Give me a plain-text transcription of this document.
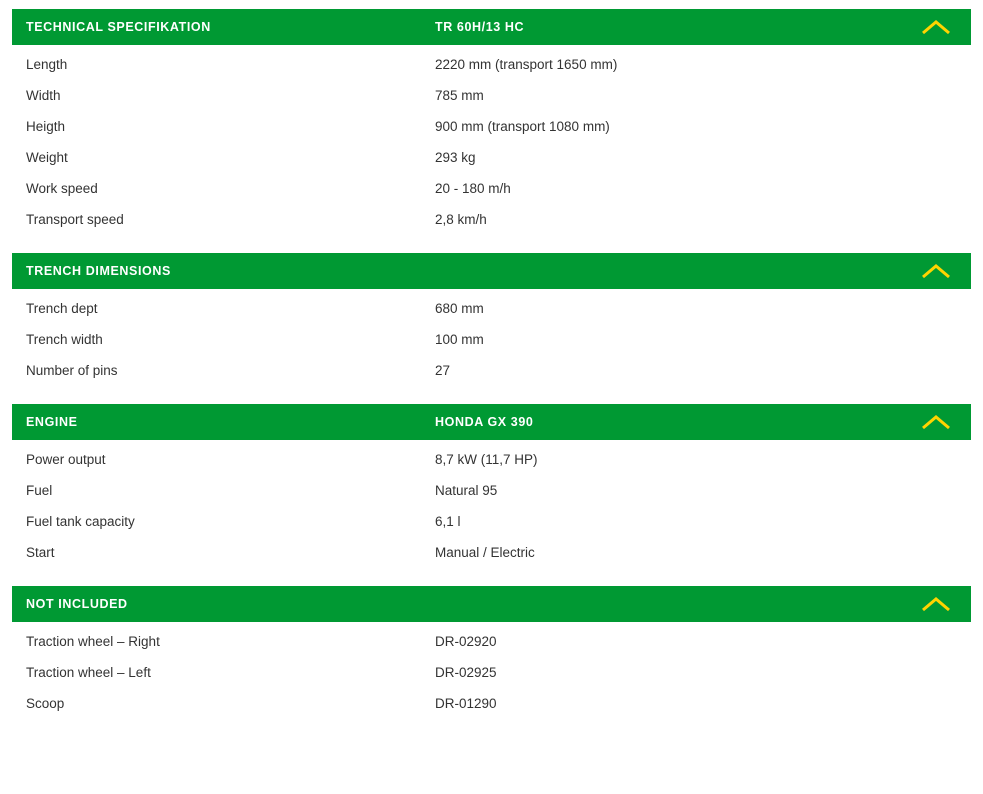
TECHNICAL SPECIFIKATION	TR 60H/13 HC
Length	2220 mm (transport 1650 mm)
Width	785 mm
Heigth	900 mm (transport 1080 mm)
Weight	293 kg
Work speed	20 - 180 m/h
Transport speed	2,8 km/h
TRENCH DIMENSIONS
Trench dept	680 mm
Trench width	100 mm
Number of pins	27
ENGINE	HONDA GX 390
Power output	8,7 kW (11,7 HP)
Fuel	Natural 95
Fuel tank capacity	6,1 l
Start	Manual / Electric
NOT INCLUDED
Traction wheel – Right	DR-02920
Traction wheel – Left	DR-02925
Scoop	DR-01290
